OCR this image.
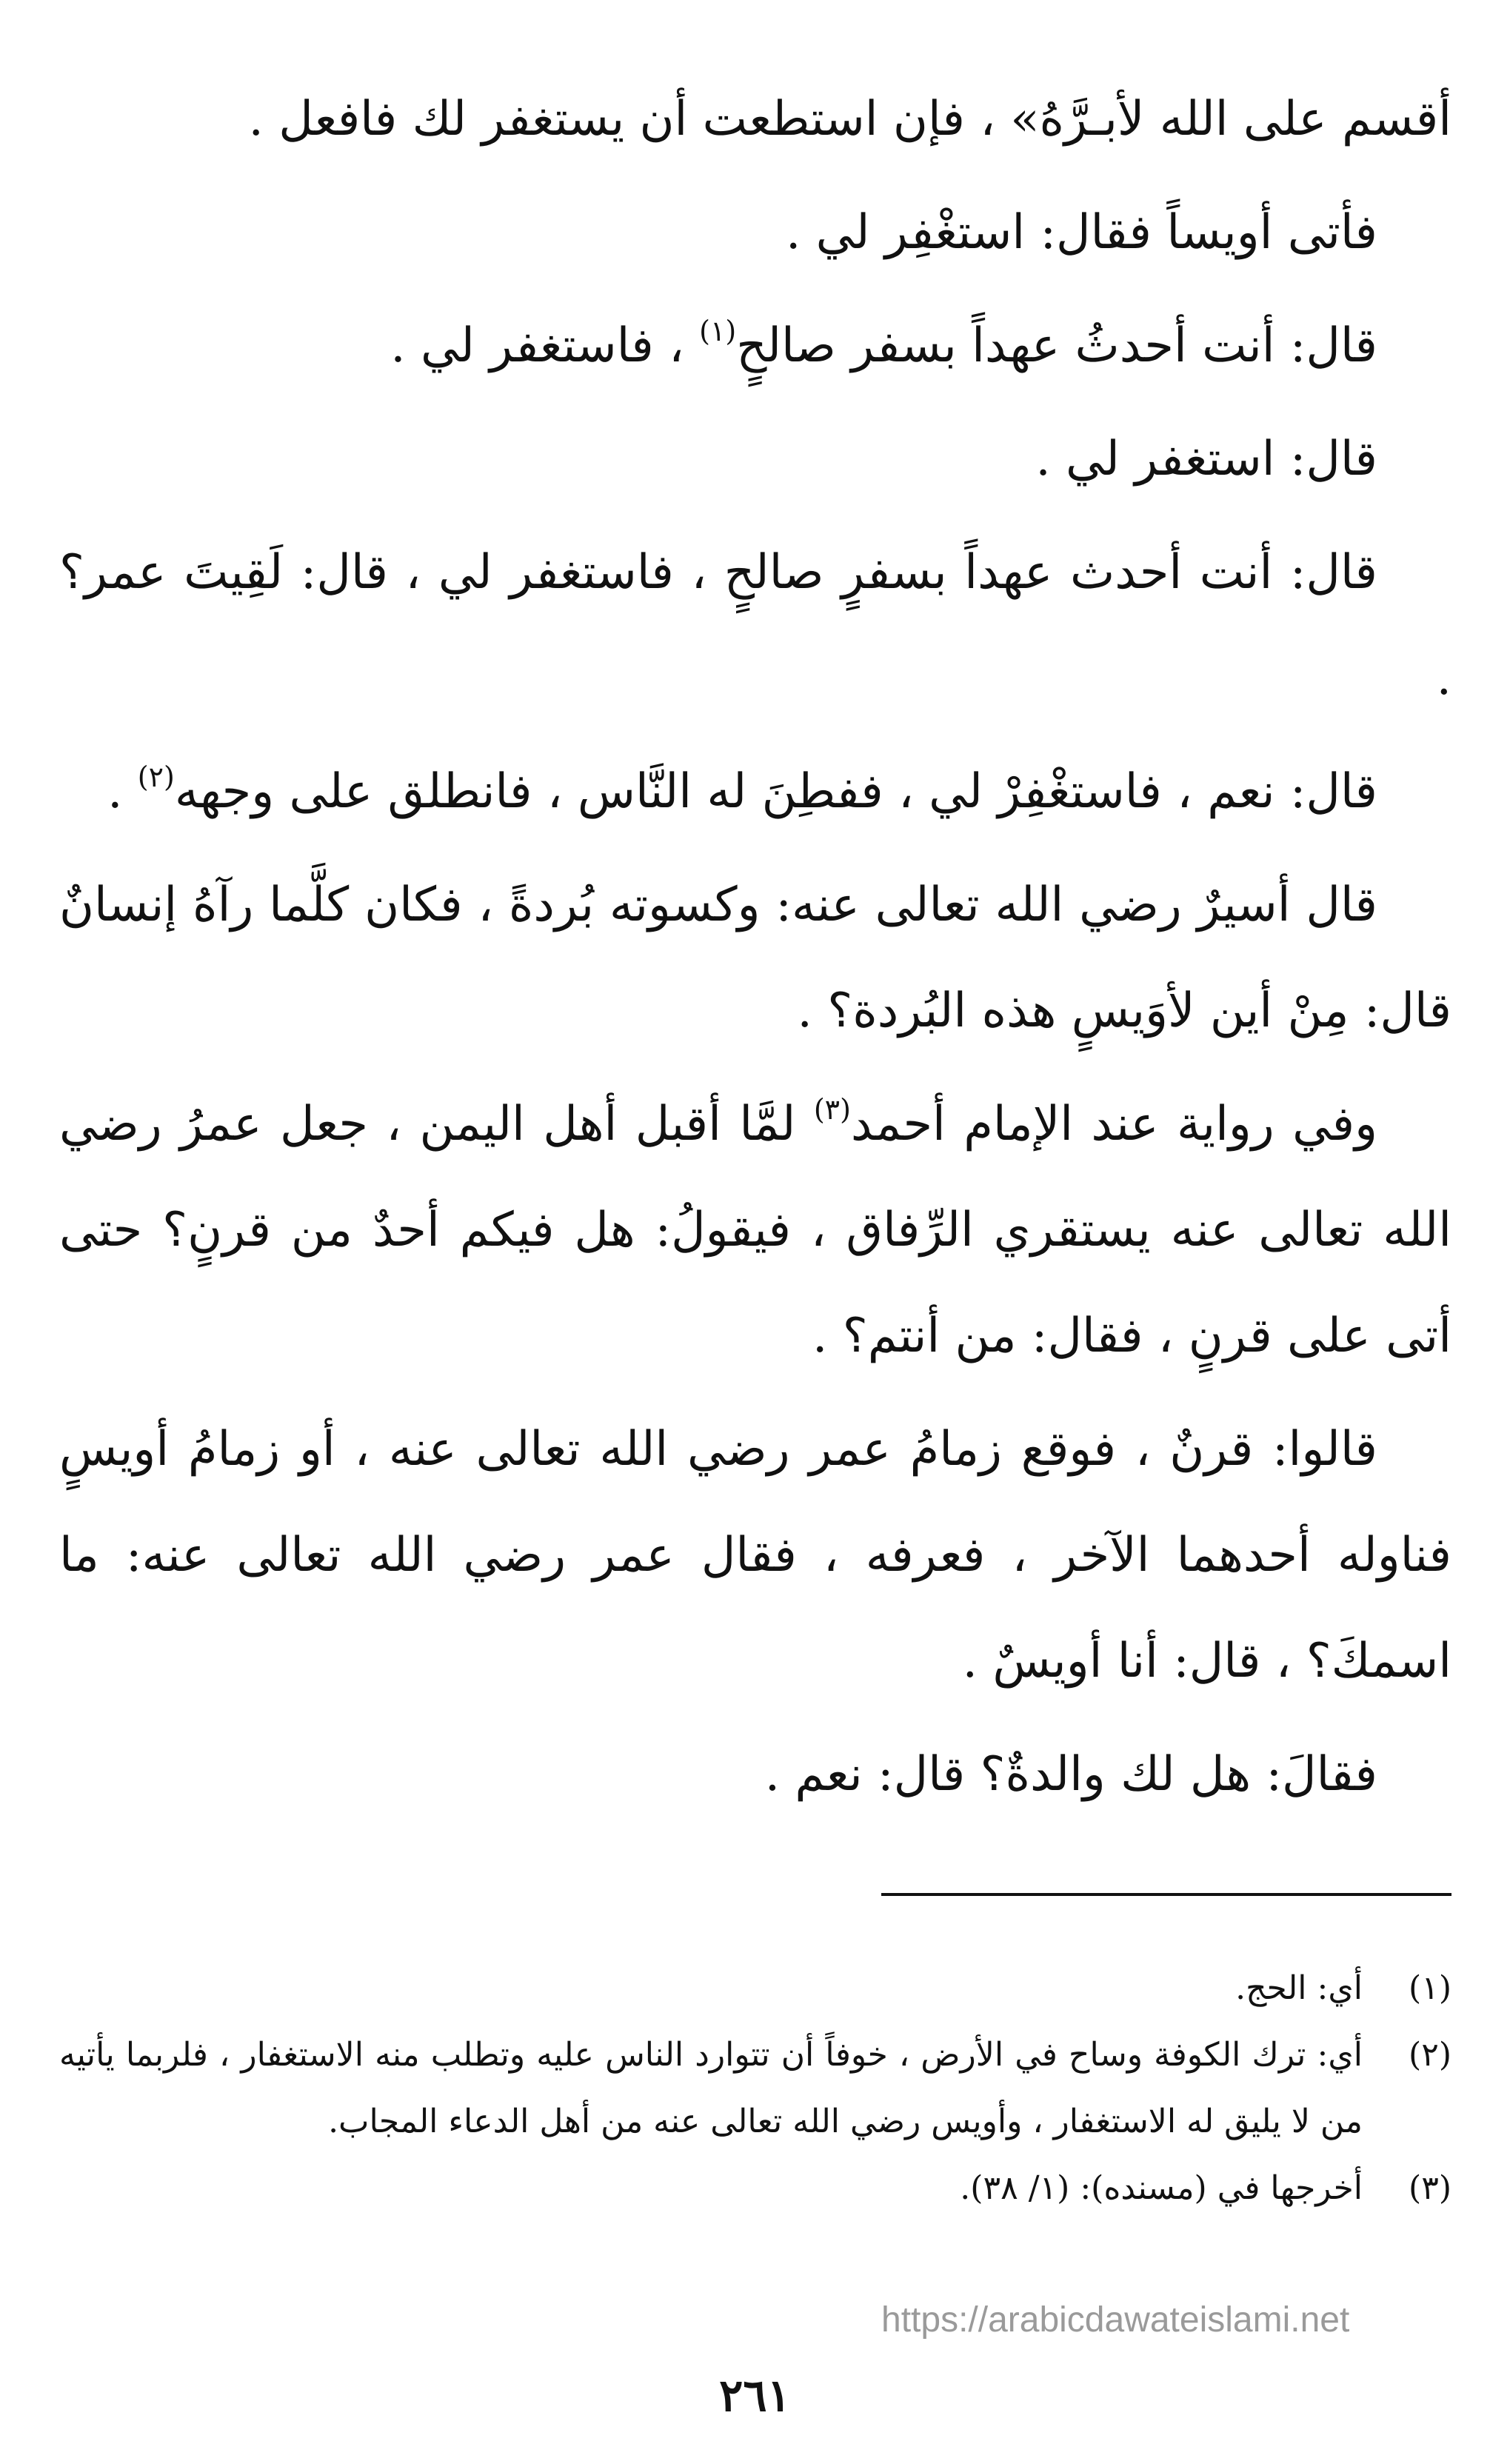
أقسم على الله لأبـرَّهُ» ، فإن استطعت أن يستغفر لك فافعل .

فأتى أويساً فقال: استغْفِر لي .

قال: أنت أحدثُ عهداً بسفر صالحٍ$^{(١)}$ ، فاستغفر لي .

قال: استغفر لي .

قال: أنت أحدث عهداً بسفرٍ صالحٍ ، فاستغفر لي ، قال: لَقِيتَ عمر؟ .

قال: نعم ، فاستغْفِرْ لي ، ففطِنَ له النَّاس ، فانطلق على وجهه$^{(٢)}$ .

قال أسيرٌ رضي الله تعالى عنه: وكسوته بُردةً ، فكان كلَّما رآهُ إنسانٌ قال: مِنْ أين لأوَيسٍ هذه البُردة؟ .

وفي رواية عند الإمام أحمد$^{(٣)}$ لمَّا أقبل أهل اليمن ، جعل عمرُ رضي الله تعالى عنه يستقري الرِّفاق ، فيقولُ: هل فيكم أحدٌ من قرنٍ؟ حتى أتى على قرنٍ ، فقال: من أنتم؟ .

قالوا: قرنٌ ، فوقع زمامُ عمر رضي الله تعالى عنه ، أو زمامُ أويسٍ فناوله أحدهما الآخر ، فعرفه ، فقال عمر رضي الله تعالى عنه: ما اسمكَ؟ ، قال: أنا أويسٌ .

فقالَ: هل لك والدةٌ؟ قال: نعم .

(١)
أي: الحج.
(٢)
أي: ترك الكوفة وساح في الأرض ، خوفاً أن تتوارد الناس عليه وتطلب منه الاستغفار ، فلربما يأتيه من لا يليق له الاستغفار ، وأويس رضي الله تعالى عنه من أهل الدعاء المجاب.
(٣)
أخرجها في (مسنده): (١/ ٣٨).
https://arabicdawateislami.net
٢٦١
